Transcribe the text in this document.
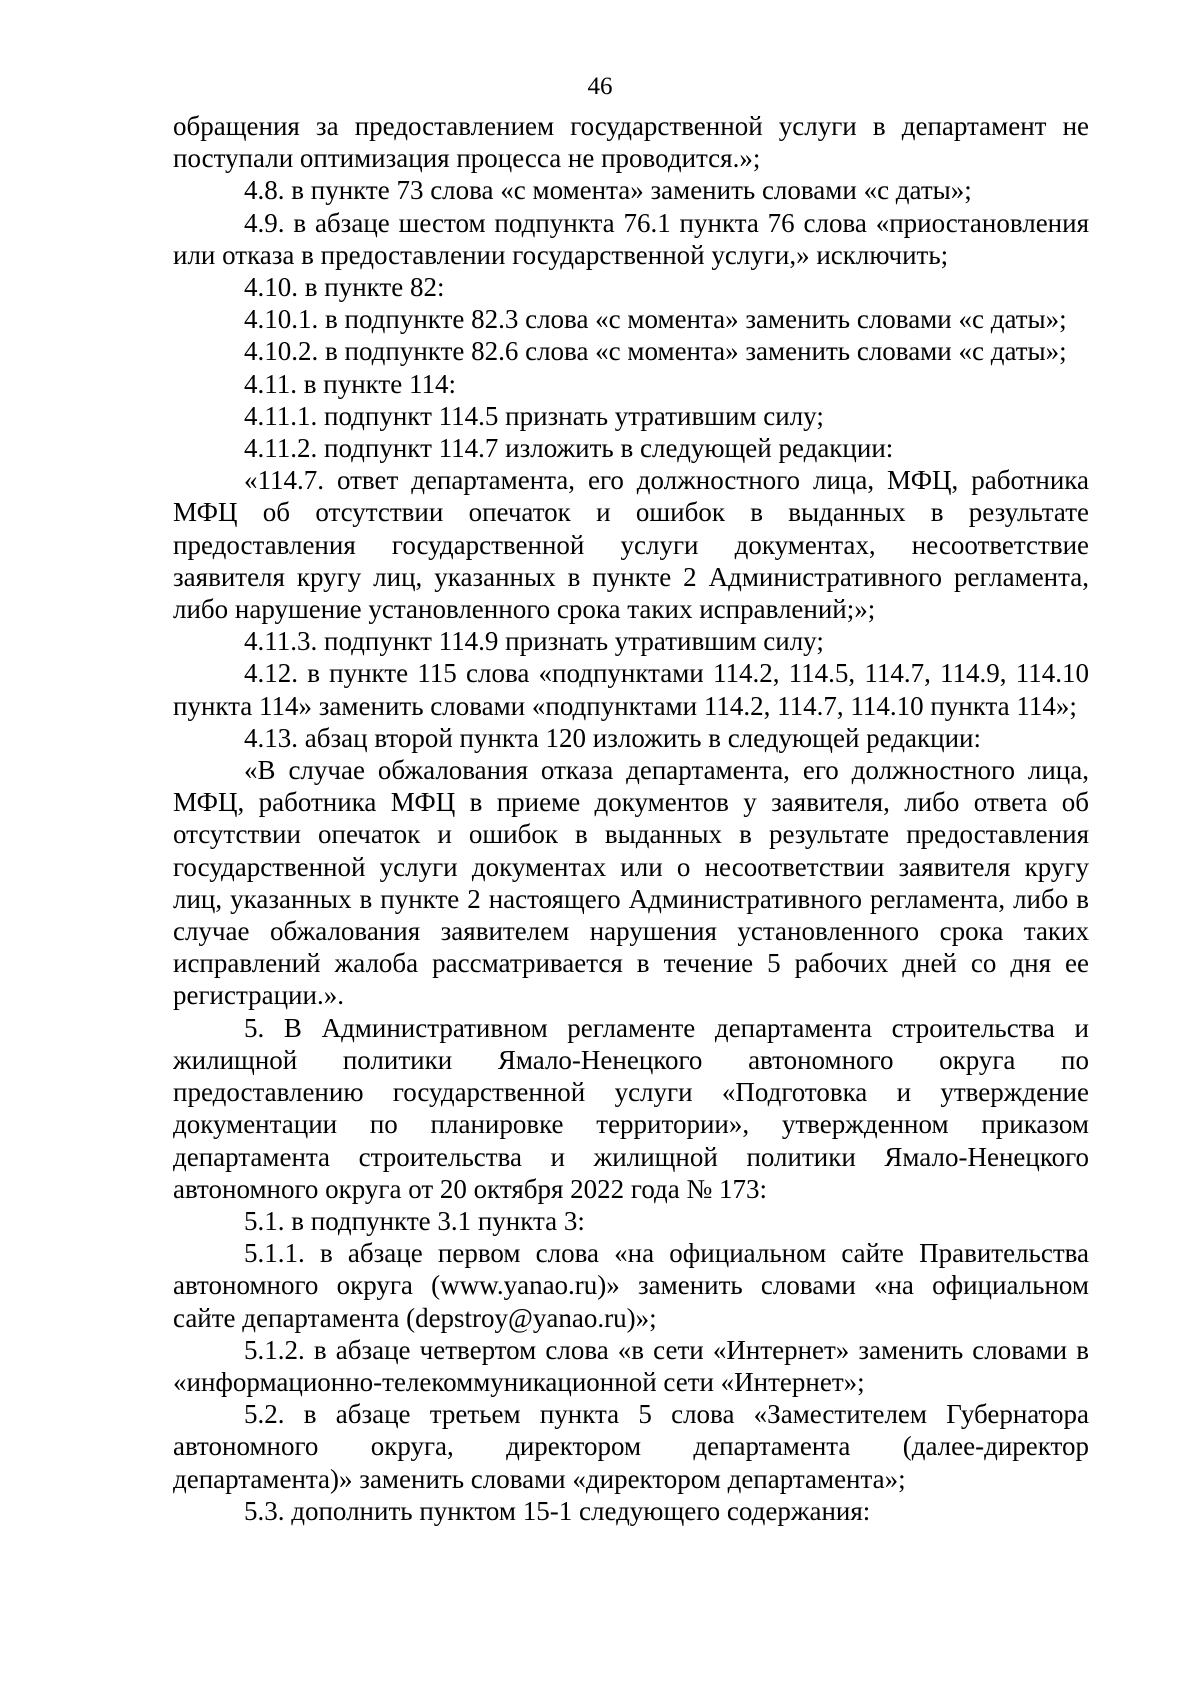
46

обращения за предоставлением государственной услуги в департамент не поступали оптимизация процесса не проводится.»;

4.8. в пункте 73 слова «с момента» заменить словами «с даты»;

4.9. в абзаце шестом подпункта 76.1 пункта 76 слова «приостановления или отказа в предоставлении государственной услуги,» исключить;

4.10. в пункте 82:

4.10.1. в подпункте 82.3 слова «с момента» заменить словами «с даты»;

4.10.2. в подпункте 82.6 слова «с момента» заменить словами «с даты»;

4.11. в пункте 114:

4.11.1. подпункт 114.5 признать утратившим силу;

4.11.2. подпункт 114.7 изложить в следующей редакции:

«114.7. ответ департамента, его должностного лица, МФЦ, работника МФЦ об отсутствии опечаток и ошибок в выданных в результате предоставления государственной услуги документах, несоответствие заявителя кругу лиц, указанных в пункте 2 Административного регламента, либо нарушение установленного срока таких исправлений;»;

4.11.3. подпункт 114.9 признать утратившим силу;

4.12. в пункте 115 слова «подпунктами 114.2, 114.5, 114.7, 114.9, 114.10 пункта 114» заменить словами «подпунктами 114.2, 114.7, 114.10 пункта 114»;

4.13. абзац второй пункта 120 изложить в следующей редакции:

«В случае обжалования отказа департамента, его должностного лица, МФЦ, работника МФЦ в приеме документов у заявителя, либо ответа об отсутствии опечаток и ошибок в выданных в результате предоставления государственной услуги документах или о несоответствии заявителя кругу лиц, указанных в пункте 2 настоящего Административного регламента, либо в случае обжалования заявителем нарушения установленного срока таких исправлений жалоба рассматривается в течение 5 рабочих дней со дня ее регистрации.».

5. В Административном регламенте департамента строительства и жилищной политики Ямало-Ненецкого автономного округа по предоставлению государственной услуги «Подготовка и утверждение документации по планировке территории», утвержденном приказом департамента строительства и жилищной политики Ямало-Ненецкого автономного округа от 20 октября 2022 года № 173:

5.1. в подпункте 3.1 пункта 3:

5.1.1. в абзаце первом слова «на официальном сайте Правительства автономного округа (www.yanao.ru)» заменить словами «на официальном сайте департамента (depstroy@yanao.ru)»;

5.1.2. в абзаце четвертом слова «в сети «Интернет» заменить словами в «информационно-телекоммуникационной сети «Интернет»;

5.2. в абзаце третьем пункта 5 слова «Заместителем Губернатора автономного округа, директором департамента (далее-директор департамента)» заменить словами «директором департамента»;

5.3. дополнить пунктом 15-1 следующего содержания:
